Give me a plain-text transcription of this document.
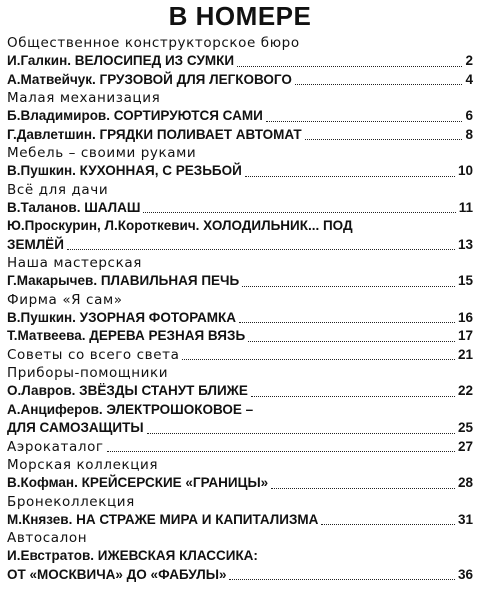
В НОМЕРЕ
Общественное конструкторское бюро
И.Галкин. ВЕЛОСИПЕД ИЗ СУМКИ	2
А.Матвейчук. ГРУЗОВОЙ ДЛЯ ЛЕГКОВОГО	4
Малая механизация
Б.Владимиров. СОРТИРУЮТСЯ САМИ	6
Г.Давлетшин. ГРЯДКИ ПОЛИВАЕТ АВТОМАТ	8
Мебель – своими руками
В.Пушкин. КУХОННАЯ, С РЕЗЬБОЙ	10
Всё для дачи
В.Таланов. ШАЛАШ	11
Ю.Проскурин, Л.Короткевич. ХОЛОДИЛЬНИК... ПОД
ЗЕМЛЁЙ	13
Наша мастерская
Г.Макарычев. ПЛАВИЛЬНАЯ ПЕЧЬ	15
Фирма «Я сам»
В.Пушкин. УЗОРНАЯ ФОТОРАМКА	16
Т.Матвеева. ДЕРЕВА РЕЗНАЯ ВЯЗЬ	17
Советы со всего света	21
Приборы-помощники
О.Лавров. ЗВЁЗДЫ СТАНУТ БЛИЖЕ	22
А.Анциферов. ЭЛЕКТРОШОКОВОЕ –
ДЛЯ САМОЗАЩИТЫ	25
Аэрокаталог	27
Морская коллекция
В.Кофман. КРЕЙСЕРСКИЕ «ГРАНИЦЫ»	28
Бронеколлекция
М.Князев. НА СТРАЖЕ МИРА И КАПИТАЛИЗМА	31
Автосалон
И.Евстратов. ИЖЕВСКАЯ КЛАССИКА:
ОТ «МОСКВИЧА» ДО «ФАБУЛЫ»	36
